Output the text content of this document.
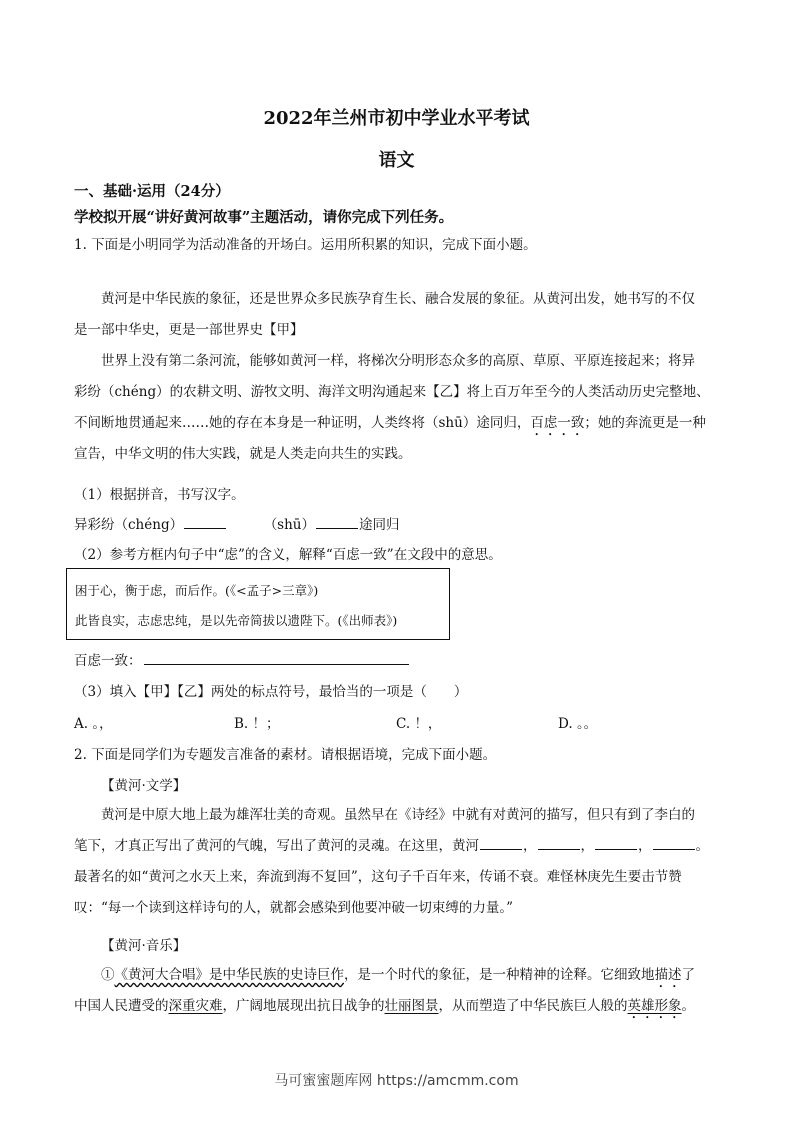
2022年兰州市初中学业水平考试
语文
一、基础·运用（24分）
学校拟开展“讲好黄河故事”主题活动，请你完成下列任务。
1. 下面是小明同学为活动准备的开场白。运用所积累的知识，完成下面小题。
黄河是中华民族的象征，还是世界众多民族孕育生长、融合发展的象征。从黄河出发，她书写的不仅
是一部中华史，更是一部世界史【甲】
世界上没有第二条河流，能够如黄河一样，将梯次分明形态众多的高原、草原、平原连接起来；将异
彩纷（chéng）的农耕文明、游牧文明、海洋文明沟通起来【乙】将上百万年至今的人类活动历史完整地、
不间断地贯通起来……她的存在本身是一种证明，人类终将（shū）途同归，百虑一致；她的奔流更是一种
宣告，中华文明的伟大实践，就是人类走向共生的实践。
（1）根据拼音，书写汉字。
异彩纷（chéng）	（shū）	途同归
（2）参考方框内句子中“虑”的含义，解释“百虑一致”在文段中的意思。
困于心，衡于虑，而后作。(《<孟子>三章》)
此皆良实，志虑忠纯，是以先帝简拔以遗陛下。(《出师表》)
百虑一致：
（3）填入【甲】【乙】两处的标点符号，最恰当的一项是（　　）
A. 。，	B. ！；	C. ！，	D. 。。
2. 下面是同学们为专题发言准备的素材。请根据语境，完成下面小题。
【黄河·文学】
黄河是中原大地上最为雄浑壮美的奇观。虽然早在《诗经》中就有对黄河的描写，但只有到了李白的
笔下，才真正写出了黄河的气魄，写出了黄河的灵魂。在这里，黄河	，	，	，	。
最著名的如“黄河之水天上来，奔流到海不复回”，这句子千百年来，传诵不衰。难怪林庚先生要击节赞
叹：“每一个读到这样诗句的人，就都会感染到他要冲破一切束缚的力量。”
【黄河·音乐】
①《黄河大合唱》是中华民族的史诗巨作，是一个时代的象征，是一种精神的诠释。它细致地描述了
中国人民遭受的深重灾难，广阔地展现出抗日战争的壮丽图景，从而塑造了中华民族巨人般的英雄形象。
马可蜜蜜题库网 https://amcmm.com
